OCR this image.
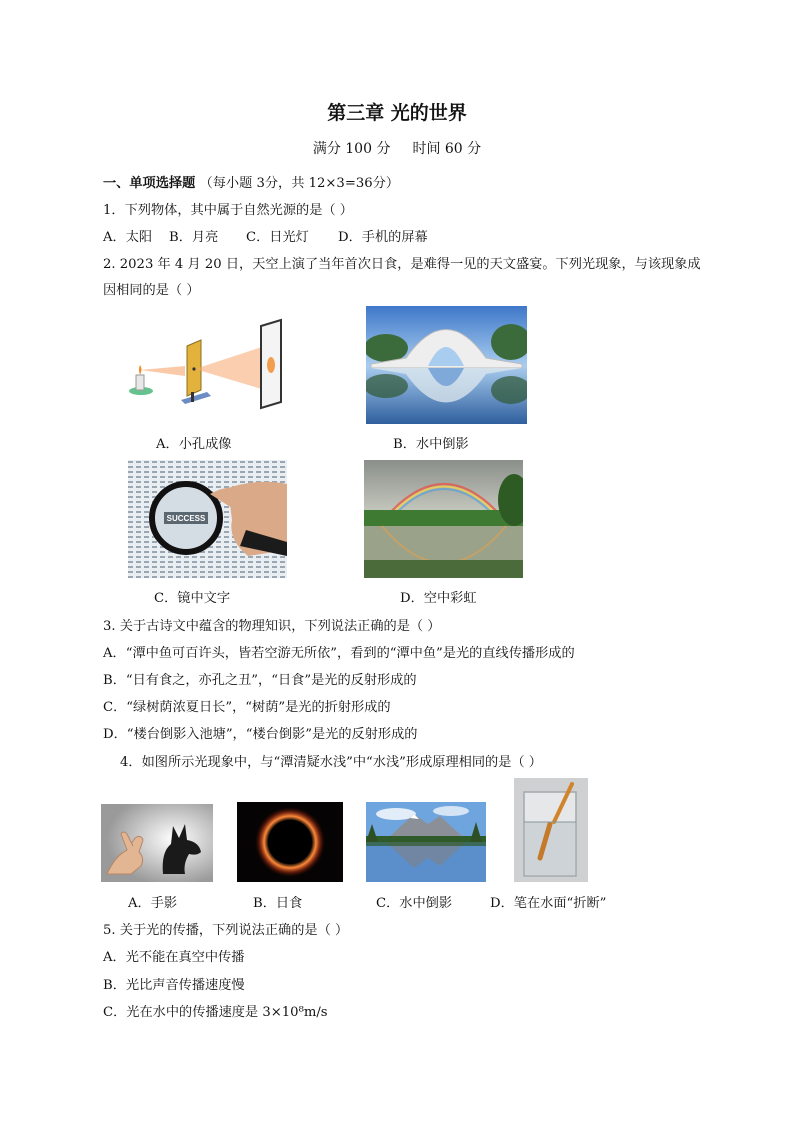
第三章 光的世界
满分 100 分 时间 60 分
一、单项选择题 （每小题 3分，共 12×3=36分）
1．下列物体，其中属于自然光源的是（ ）
A．太阳 B．月亮 C．日光灯 D．手机的屏幕
2. 2023 年 4 月 20 日，天空上演了当年首次日食，是难得一见的天文盛宴。下列光现象，与该现象成
因相同的是（ ）
A．小孔成像	B．水中倒影
SUCCESS
C．镜中文字	D．空中彩虹
3. 关于古诗文中蕴含的物理知识，下列说法正确的是（ ）
A．“潭中鱼可百许头，皆若空游无所依”，看到的“潭中鱼”是光的直线传播形成的
B．“日有食之，亦孔之丑”，“日食”是光的反射形成的
C．“绿树荫浓夏日长”，“树荫”是光的折射形成的
D．“楼台倒影入池塘”，“楼台倒影”是光的反射形成的
4．如图所示光现象中，与“潭清疑水浅”中“水浅”形成原理相同的是（ ）
A．手影	B．日食	C．水中倒影	D．笔在水面“折断”
5. 关于光的传播，下列说法正确的是（ ）
A．光不能在真空中传播
B．光比声音传播速度慢
C．光在水中的传播速度是 3×10⁸m/s
